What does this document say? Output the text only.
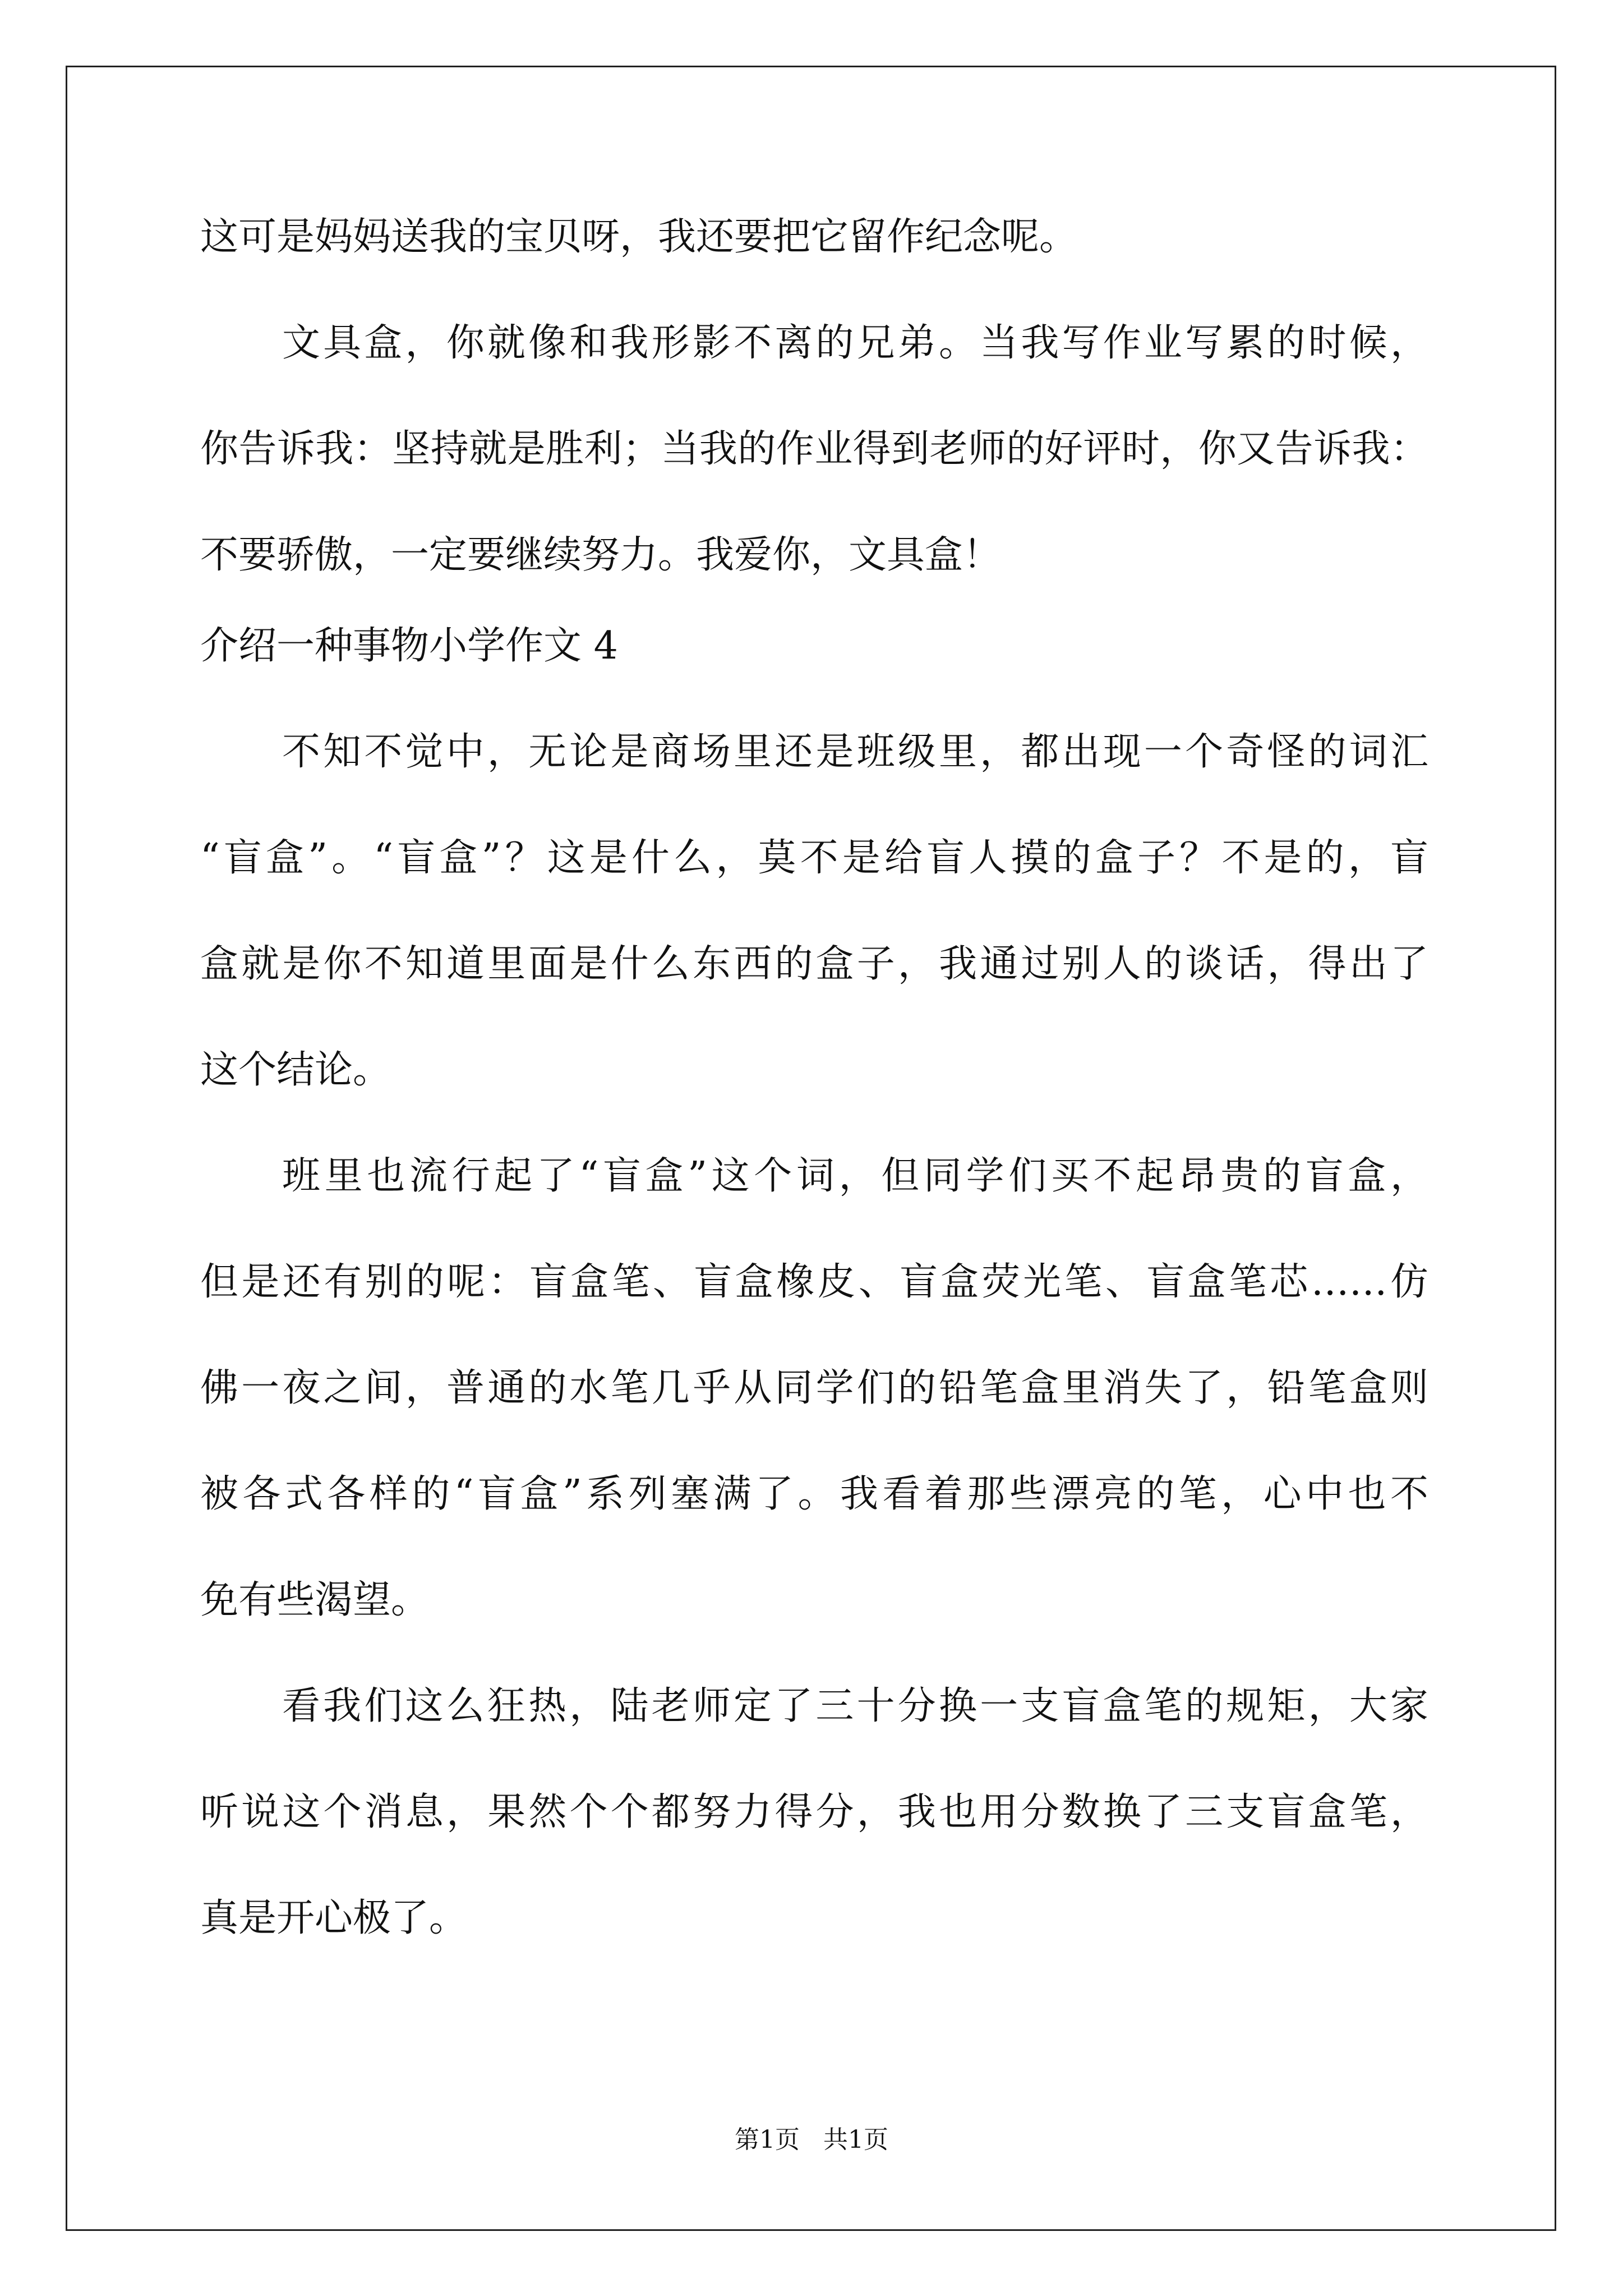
这可是妈妈送我的宝贝呀，我还要把它留作纪念呢。
文具盒，你就像和我形影不离的兄弟。当我写作业写累的时候，
你告诉我：坚持就是胜利；当我的作业得到老师的好评时，你又告诉我：
不要骄傲，一定要继续努力。我爱你，文具盒！
介绍一种事物小学作文 4
不知不觉中，无论是商场里还是班级里，都出现一个奇怪的词汇
“盲盒”。“盲盒”？这是什么，莫不是给盲人摸的盒子？不是的，盲
盒就是你不知道里面是什么东西的盒子，我通过别人的谈话，得出了
这个结论。
班里也流行起了“盲盒”这个词，但同学们买不起昂贵的盲盒，
但是还有别的呢：盲盒笔、盲盒橡皮、盲盒荧光笔、盲盒笔芯……仿
佛一夜之间，普通的水笔几乎从同学们的铅笔盒里消失了，铅笔盒则
被各式各样的“盲盒”系列塞满了。我看着那些漂亮的笔，心中也不
免有些渴望。
看我们这么狂热，陆老师定了三十分换一支盲盒笔的规矩，大家
听说这个消息，果然个个都努力得分，我也用分数换了三支盲盒笔，
真是开心极了。
第1页   共1页
